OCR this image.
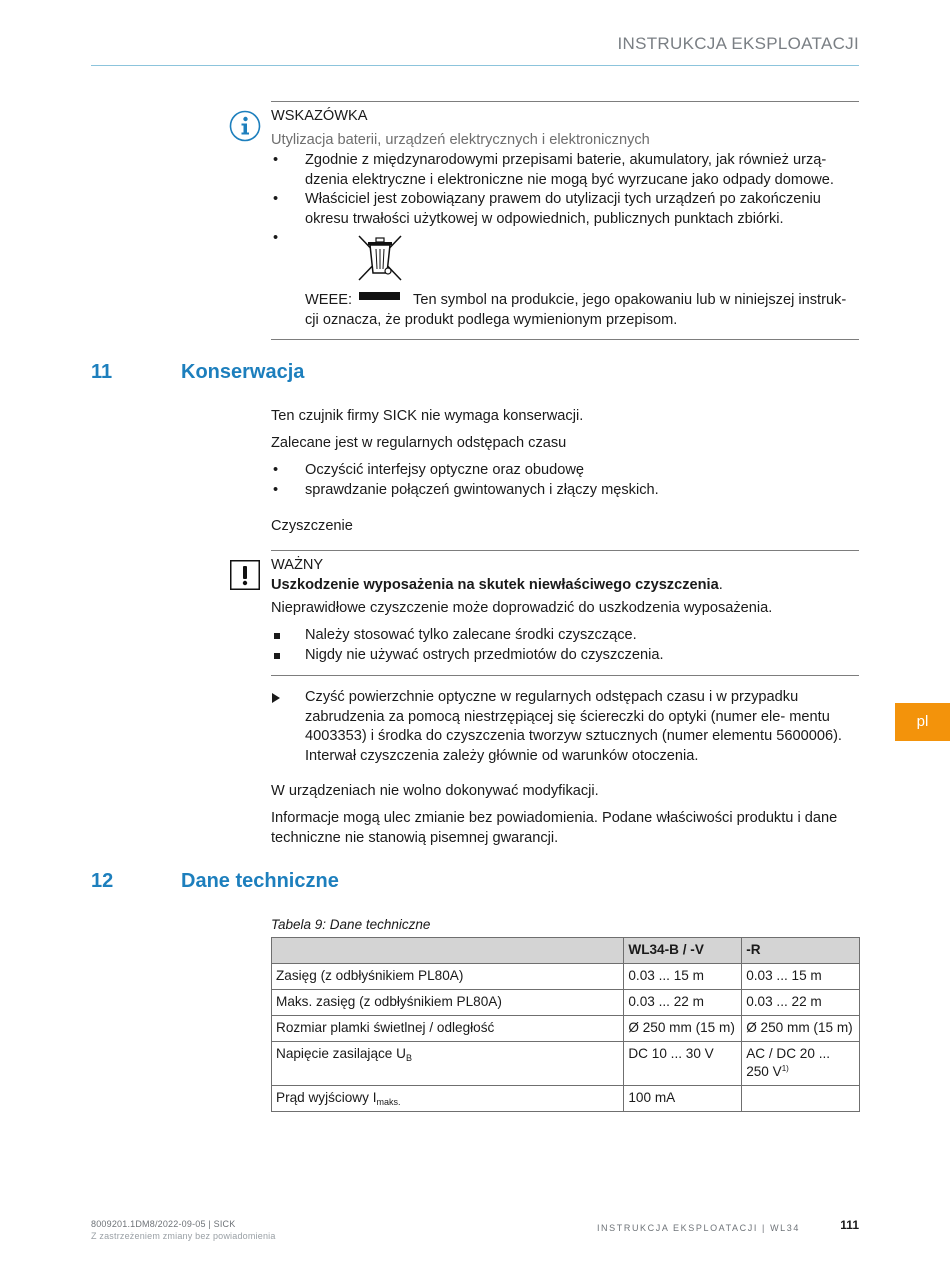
INSTRUKCJA EKSPLOATACJI
WSKAZÓWKA
Utylizacja baterii, urządzeń elektrycznych i elektronicznych
• Zgodnie z międzynarodowymi przepisami baterie, akumulatory, jak również urzą- dzenia elektryczne i elektroniczne nie mogą być wyrzucane jako odpady domowe.
• Właściciel jest zobowiązany prawem do utylizacji tych urządzeń po zakończeniu okresu trwałości użytkowej w odpowiednich, publicznych punktach zbiórki.
•
WEEE:	Ten symbol na produkcie, jego opakowaniu lub w niniejszej instruk- cji oznacza, że produkt podlega wymienionym przepisom.
11	Konserwacja
Ten czujnik firmy SICK nie wymaga konserwacji.
Zalecane jest w regularnych odstępach czasu
• Oczyścić interfejsy optyczne oraz obudowę
• sprawdzanie połączeń gwintowanych i złączy męskich.
Czyszczenie
WAŻNY
Uszkodzenie wyposażenia na skutek niewłaściwego czyszczenia.
Nieprawidłowe czyszczenie może doprowadzić do uszkodzenia wyposażenia.
Należy stosować tylko zalecane środki czyszczące.
Nigdy nie używać ostrych przedmiotów do czyszczenia.
Czyść powierzchnie optyczne w regularnych odstępach czasu i w przypadku zabrudzenia za pomocą niestrzępiącej się ściereczki do optyki (numer ele- mentu 4003353) i środka do czyszczenia tworzyw sztucznych (numer elementu 5600006). Interwał czyszczenia zależy głównie od warunków otoczenia.
W urządzeniach nie wolno dokonywać modyfikacji.
Informacje mogą ulec zmianie bez powiadomienia. Podane właściwości produktu i dane techniczne nie stanowią pisemnej gwarancji.
pl
12	Dane techniczne
Tabela 9: Dane techniczne
	WL34-B / -V	-R
Zasięg (z odbłyśnikiem PL80A)	0.03 ... 15 m	0.03 ... 15 m
Maks. zasięg (z odbłyśnikiem PL80A)	0.03 ... 22 m	0.03 ... 22 m
Rozmiar plamki świetlnej / odległość	Ø 250 mm (15 m)	Ø 250 mm (15 m)
Napięcie zasilające $U_B$	DC 10 ... 30 V	AC / DC 20 ... 250 $V^{1)}$
Prąd wyjściowy $I_{maks.}$	100 mA	
8009201.1DM8/2022-09-05 | SICK
Z zastrzeżeniem zmiany bez powiadomienia
INSTRUKCJA EKSPLOATACJI | WL34	111
